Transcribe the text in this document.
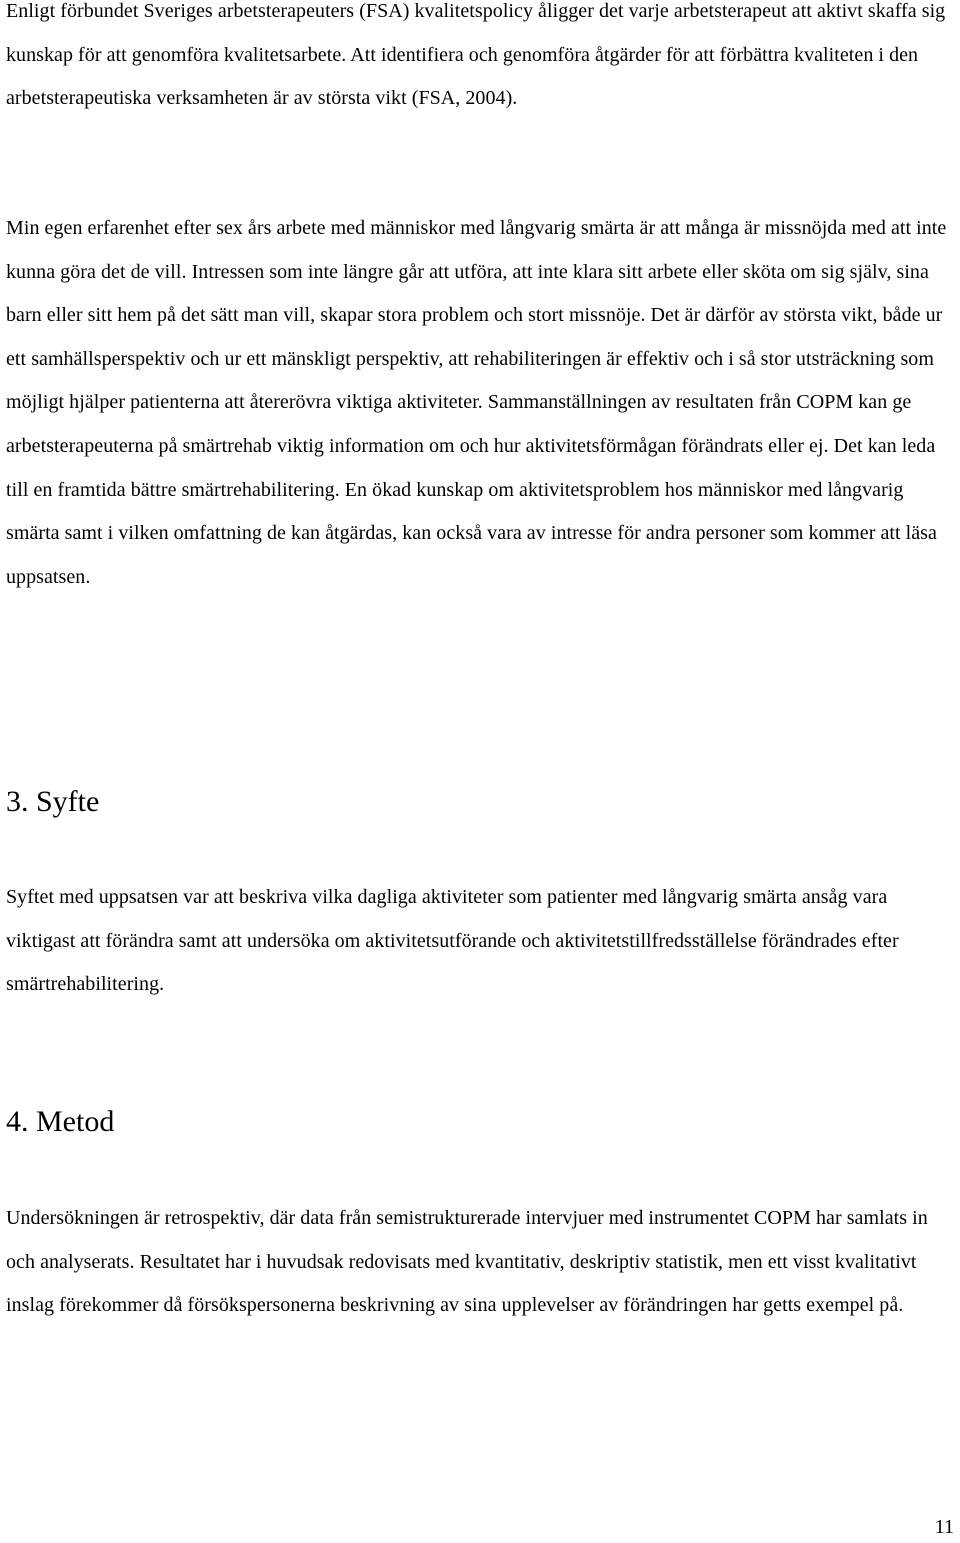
Enligt förbundet Sveriges arbetsterapeuters (FSA) kvalitetspolicy åligger det varje arbetsterapeut att aktivt skaffa sig kunskap för att genomföra kvalitetsarbete. Att identifiera och genomföra åtgärder för att förbättra kvaliteten i den arbetsterapeutiska verksamheten är av största vikt (FSA, 2004).

Min egen erfarenhet efter sex års arbete med människor med långvarig smärta är att många är missnöjda med att inte kunna göra det de vill. Intressen som inte längre går att utföra, att inte klara sitt arbete eller sköta om sig själv, sina barn eller sitt hem på det sätt man vill, skapar stora problem och stort missnöje. Det är därför av största vikt, både ur ett samhällsperspektiv och ur ett mänskligt perspektiv, att rehabiliteringen är effektiv och i så stor utsträckning som möjligt hjälper patienterna att återerövra viktiga aktiviteter. Sammanställningen av resultaten från COPM kan ge arbetsterapeuterna på smärtrehab viktig information om och hur aktivitetsförmågan förändrats eller ej. Det kan leda till en framtida bättre smärtrehabilitering. En ökad kunskap om aktivitetsproblem hos människor med långvarig smärta samt i vilken omfattning de kan åtgärdas, kan också vara av intresse för andra personer som kommer att läsa uppsatsen.

3. Syfte

Syftet med uppsatsen var att beskriva vilka dagliga aktiviteter som patienter med långvarig smärta ansåg vara viktigast att förändra samt att undersöka om aktivitetsutförande och aktivitetstillfredsställelse förändrades efter smärtrehabilitering.

4. Metod

Undersökningen är retrospektiv, där data från semistrukturerade intervjuer med instrumentet COPM har samlats in och analyserats. Resultatet har i huvudsak redovisats med kvantitativ, deskriptiv statistik, men ett visst kvalitativt inslag förekommer då försökspersonerna beskrivning av sina upplevelser av förändringen har getts exempel på.

11
